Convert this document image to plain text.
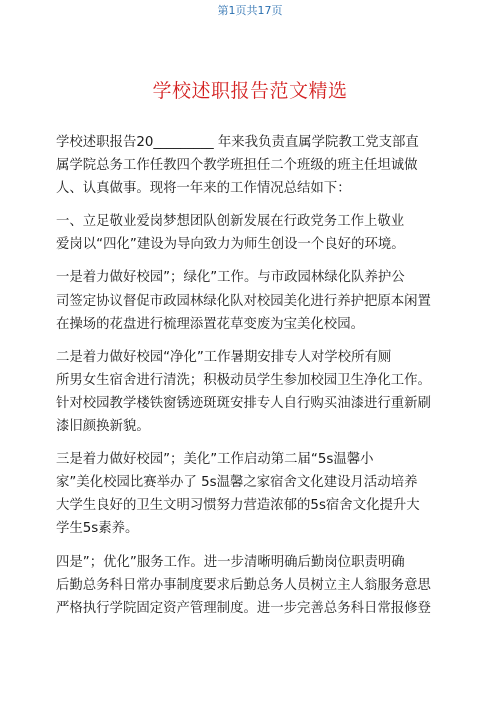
第1页共17页
学校述职报告范文精选
学校述职报告20_________ 年来我负责直属学院教工党支部直
属学院总务工作任教四个教学班担任二个班级的班主任坦诚做
人、认真做事。现将一年来的工作情况总结如下：
一、立足敬业爱岗梦想团队创新发展在行政党务工作上敬业
爱岗以“四化”建设为导向致力为师生创设一个良好的环境。
一是着力做好校园”；绿化”工作。与市政园林绿化队养护公
司签定协议督促市政园林绿化队对校园美化进行养护把原本闲置
在操场的花盘进行梳理添置花草变废为宝美化校园。
二是着力做好校园“净化”工作暑期安排专人对学校所有厕
所男女生宿舍进行清洗；积极动员学生参加校园卫生净化工作。
针对校园教学楼铁窗锈迹斑斑安排专人自行购买油漆进行重新刷
漆旧颜换新貌。
三是着力做好校园”；美化”工作启动第二届“5s温馨小
家”美化校园比赛举办了 5s温馨之家宿舍文化建设月活动培养
大学生良好的卫生文明习惯努力营造浓郁的5s宿舍文化提升大
学生5s素养。
四是”；优化”服务工作。进一步清晰明确后勤岗位职责明确
后勤总务科日常办事制度要求后勤总务人员树立主人翁服务意思
严格执行学院固定资产管理制度。进一步完善总务科日常报修登
